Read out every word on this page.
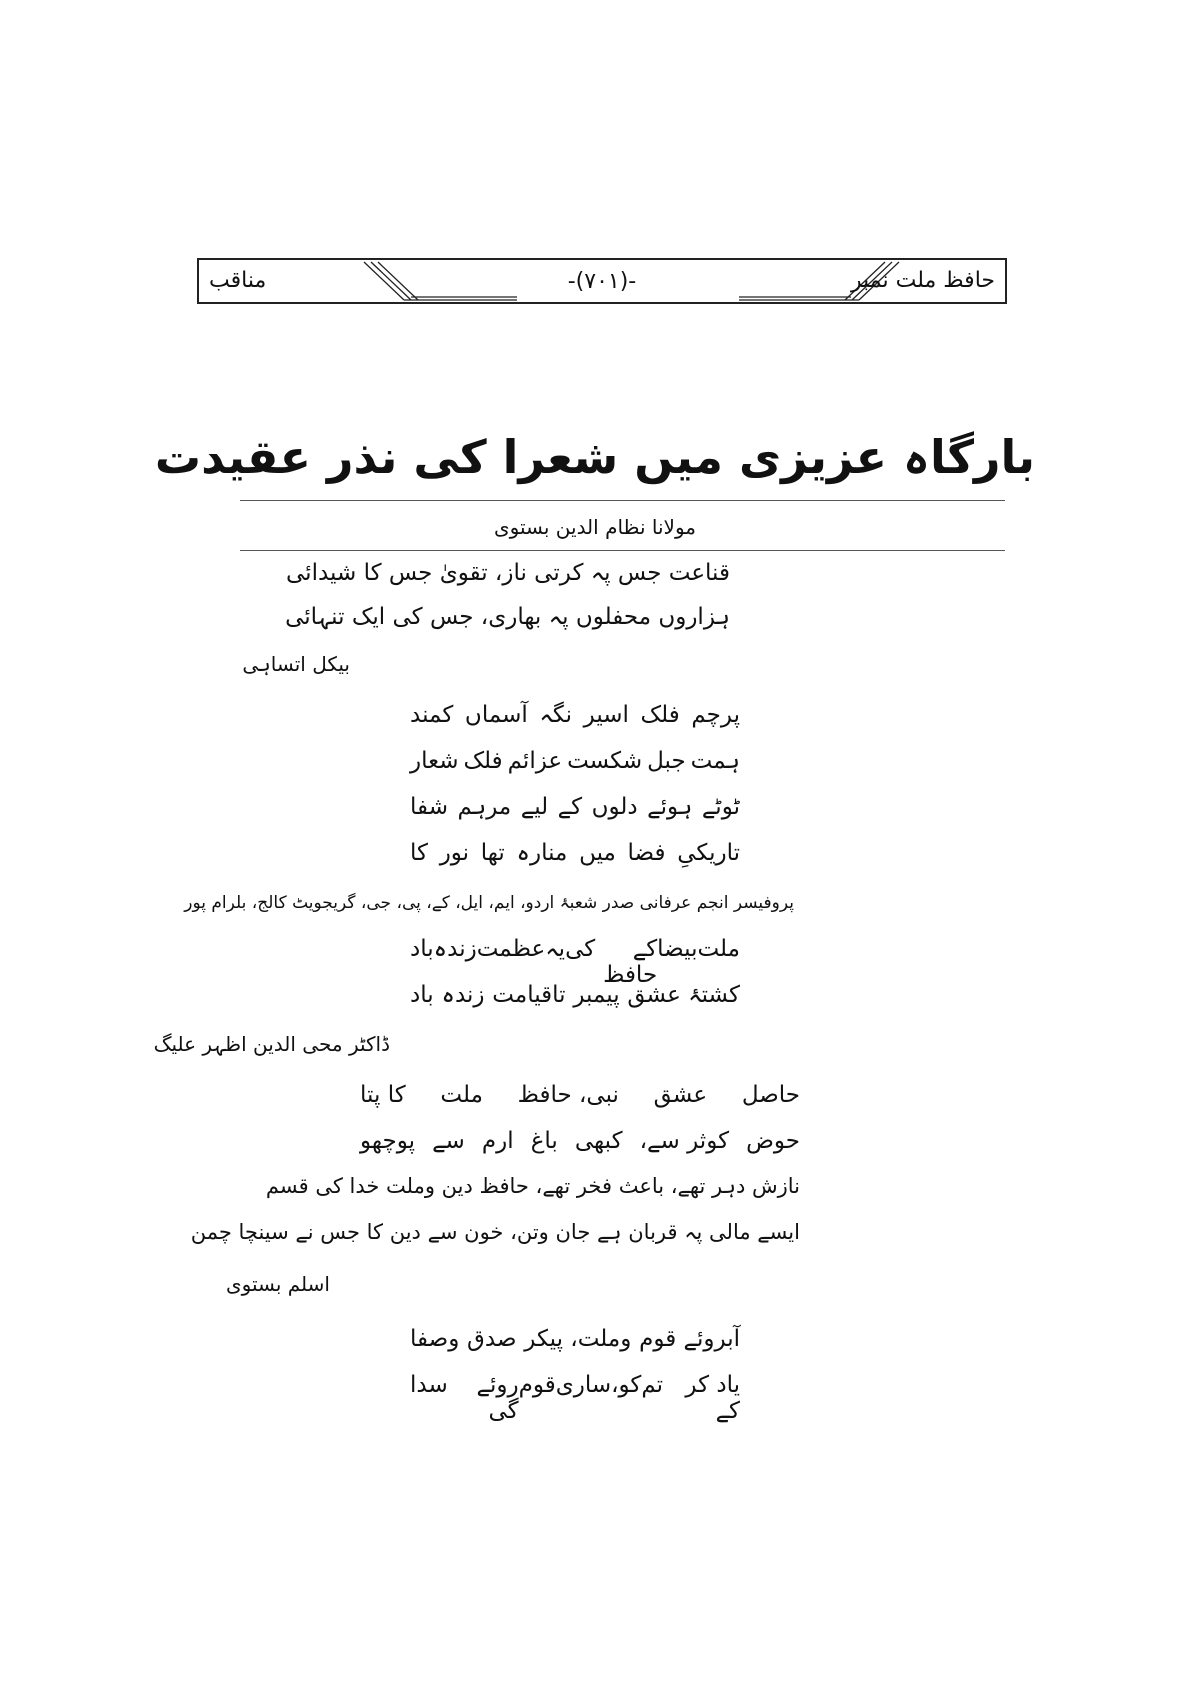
حافظ ملت نمبر
-(۷۰۱)-
مناقب
بارگاہ عزیزی میں شعرا کی نذر عقیدت
مولانا نظام الدین بستوی
قناعت جس پہ کرتی ناز، تقویٰ جس کا شیدائی
ہزاروں محفلوں پہ بھاری، جس کی ایک تنہائی
بیکل اتساہی
پرچم
فلک
اسیر
نگہ
آسماں
کمند
ہمت
جبل
شکست
عزائم
فلک
شعار
ٹوٹے
ہوئے
دلوں
کے
لیے
مرہم
شفا
تاریکیِ
فضا
میں
منارہ
تھا
نور
کا
پروفیسر انجم عرفانی صدر شعبۂ اردو، ایم، ایل، کے، پی، جی، گریجویٹ کالج، بلرام پور
ملت
بیضا
کے حافظ
کی
یہ
عظمت
زندہ
باد
کشتۂ عشق
پیمبر
تاقیامت
زندہ
باد
ڈاکٹر محی الدین اظہر علیگ
حاصل
عشق
نبی، حافظ
ملت
کا پتا
حوض
کوثر سے،
کبھی
باغ
ارم
سے
پوچھو
نازش دہر تھے، باعث فخر تھے، حافظ دین وملت خدا کی قسم
ایسے مالی پہ قربان ہے جان وتن، خون سے دین کا جس نے سینچا چمن
اسلم بستوی
آبروئے قوم
وملت، پیکر
صدق
وصفا
یاد کر کے
تم
کو،
ساری
قوم
روئے گی
سدا
